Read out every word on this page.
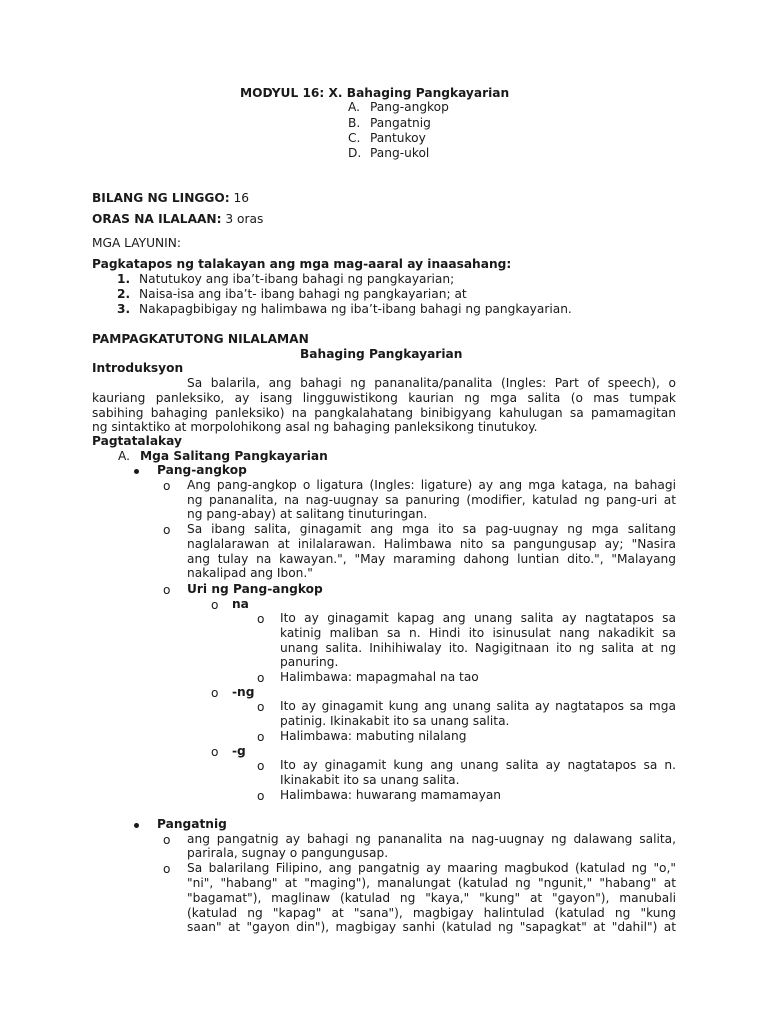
MODYUL 16: X. Bahaging Pangkayarian
A. Pang-angkop
B. Pangatnig
C. Pantukoy
D. Pang-ukol
BILANG NG LINGGO: 16
ORAS NA ILALAAN: 3 oras
MGA LAYUNIN:
Pagkatapos ng talakayan ang mga mag-aaral ay inaasahang:
1. Natutukoy ang iba’t-ibang bahagi ng pangkayarian;
2. Naisa-isa ang iba’t- ibang bahagi ng pangkayarian; at
3. Nakapagbibigay ng halimbawa ng iba’t-ibang bahagi ng pangkayarian.
PAMPAGKATUTONG NILALAMAN
Bahaging Pangkayarian
Introduksyon
Sa balarila, ang bahagi ng pananalita/panalita (Ingles: Part of speech), o
kauriang panleksiko, ay isang lingguwistikong kaurian ng mga salita (o mas tumpak
sabihing bahaging panleksiko) na pangkalahatang binibigyang kahulugan sa pamamagitan
ng sintaktiko at morpolohikong asal ng bahaging panleksikong tinutukoy.
Pagtatalakay
A. Mga Salitang Pangkayarian
Pang-angkop
o Ang pang-angkop o ligatura (Ingles: ligature) ay ang mga kataga, na bahagi
ng pananalita, na nag-uugnay sa panuring (modifier, katulad ng pang-uri at
ng pang-abay) at salitang tinuturingan.
o Sa ibang salita, ginagamit ang mga ito sa pag-uugnay ng mga salitang
naglalarawan at inilalarawan. Halimbawa nito sa pangungusap ay; "Nasira
ang tulay na kawayan.", "May maraming dahong luntian dito.", "Malayang
nakalipad ang Ibon."
o Uri ng Pang-angkop
o na
o Ito ay ginagamit kapag ang unang salita ay nagtatapos sa
katinig maliban sa n. Hindi ito isinusulat nang nakadikit sa
unang salita. Inihihiwalay ito. Nagigitnaan ito ng salita at ng
panuring.
o Halimbawa: mapagmahal na tao
o -ng
o Ito ay ginagamit kung ang unang salita ay nagtatapos sa mga
patinig. Ikinakabit ito sa unang salita.
o Halimbawa: mabuting nilalang
o -g
o Ito ay ginagamit kung ang unang salita ay nagtatapos sa n.
Ikinakabit ito sa unang salita.
o Halimbawa: huwarang mamamayan
Pangatnig
o ang pangatnig ay bahagi ng pananalita na nag-uugnay ng dalawang salita,
parirala, sugnay o pangungusap.
o Sa balarilang Filipino, ang pangatnig ay maaring magbukod (katulad ng "o,"
"ni", "habang" at "maging"), manalungat (katulad ng "ngunit," "habang" at
"bagamat"), maglinaw (katulad ng "kaya," "kung" at "gayon"), manubali
(katulad ng "kapag" at "sana"), magbigay halintulad (katulad ng "kung
saan" at "gayon din"), magbigay sanhi (katulad ng "sapagkat" at "dahil") at
